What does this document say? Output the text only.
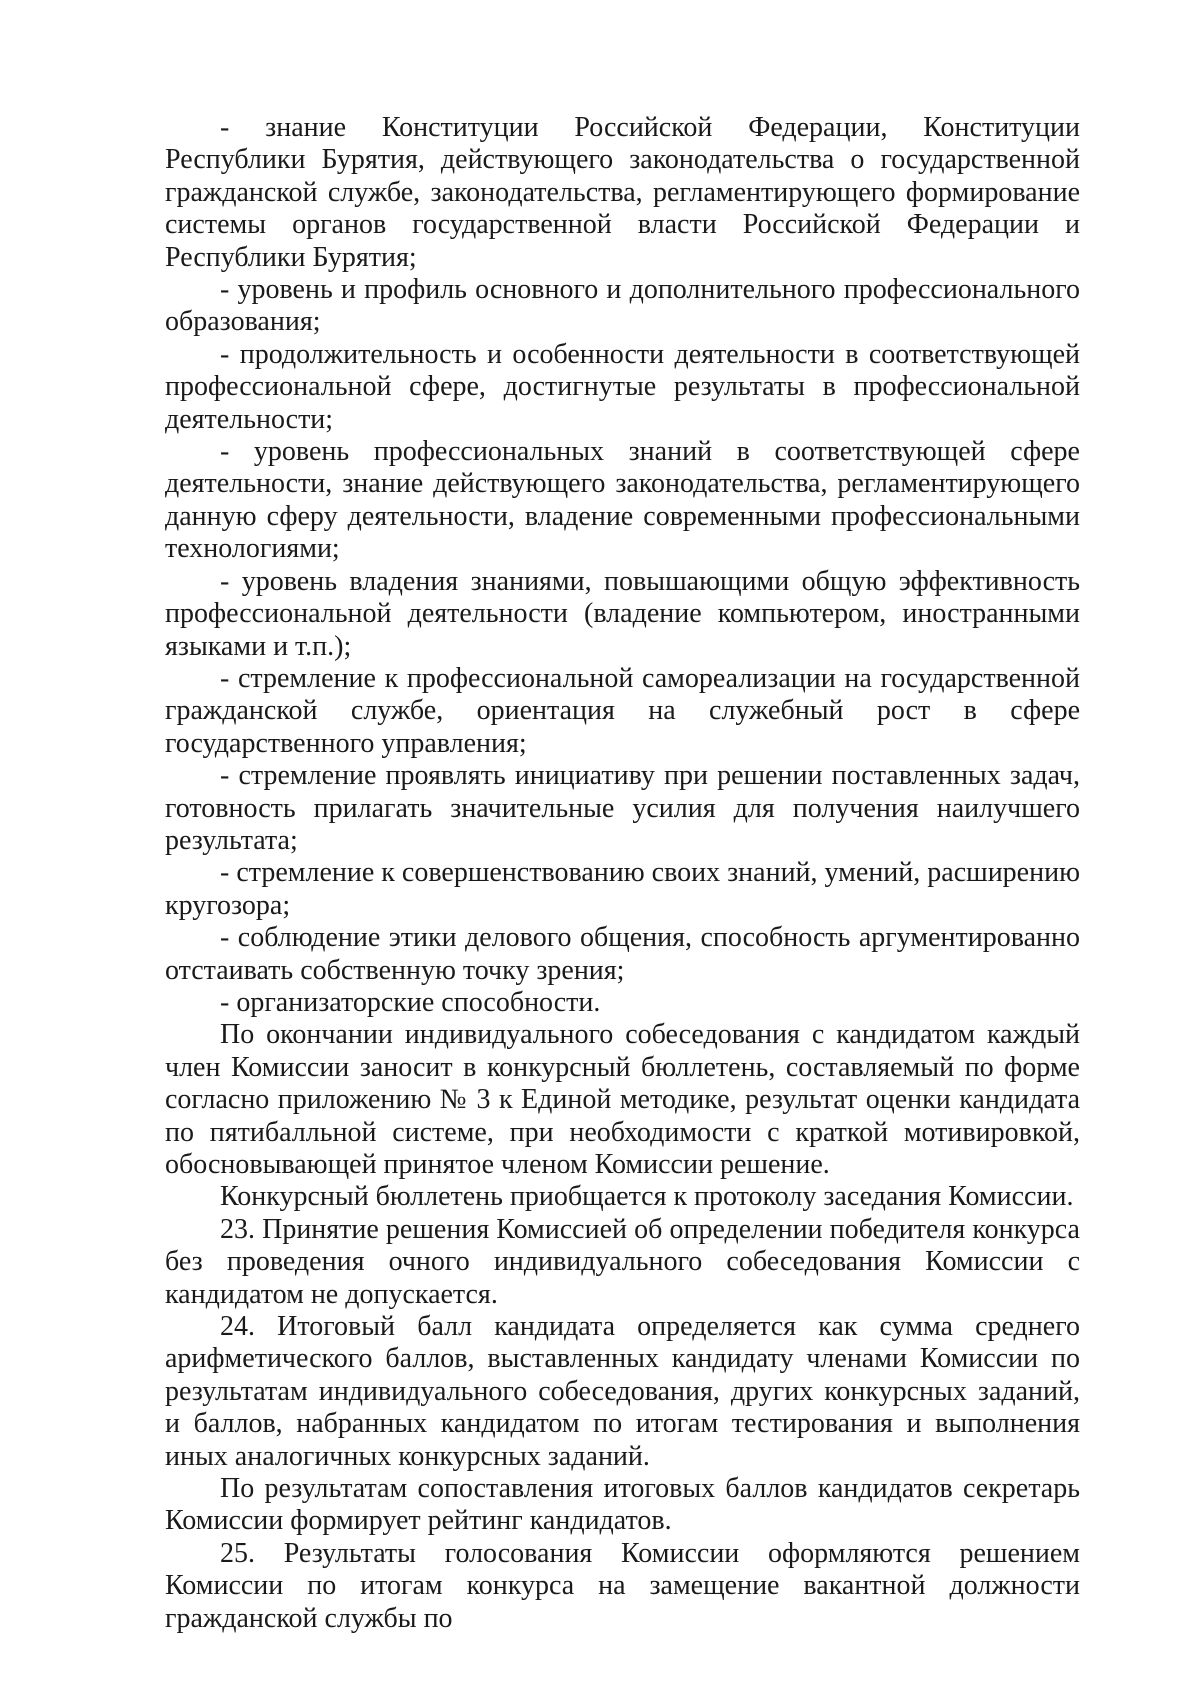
- знание Конституции Российской Федерации, Конституции Республики Бурятия, действующего законодательства о государственной гражданской службе, законодательства, регламентирующего формирование системы органов государственной власти Российской Федерации и Республики Бурятия;

- уровень и профиль основного и дополнительного профессионального образования;

- продолжительность и особенности деятельности в соответствующей профессиональной сфере, достигнутые результаты в профессиональной деятельности;

- уровень профессиональных знаний в соответствующей сфере деятельности, знание действующего законодательства, регламентирующего данную сферу деятельности, владение современными профессиональными технологиями;

- уровень владения знаниями, повышающими общую эффективность профессиональной деятельности (владение компьютером, иностранными языками и т.п.);

- стремление к профессиональной самореализации на государственной гражданской службе, ориентация на служебный рост в сфере государственного управления;

- стремление проявлять инициативу при решении поставленных задач, готовность прилагать значительные усилия для получения наилучшего результата;

- стремление к совершенствованию своих знаний, умений, расширению кругозора;

- соблюдение этики делового общения, способность аргументированно отстаивать собственную точку зрения;

- организаторские способности.

По окончании индивидуального собеседования с кандидатом каждый член Комиссии заносит в конкурсный бюллетень, составляемый по форме согласно приложению № 3 к Единой методике, результат оценки кандидата по пятибалльной системе, при необходимости с краткой мотивировкой, обосновывающей принятое членом Комиссии решение.

Конкурсный бюллетень приобщается к протоколу заседания Комиссии.

23. Принятие решения Комиссией об определении победителя конкурса без проведения очного индивидуального собеседования Комиссии с кандидатом не допускается.

24. Итоговый балл кандидата определяется как сумма среднего арифметического баллов, выставленных кандидату членами Комиссии по результатам индивидуального собеседования, других конкурсных заданий, и баллов, набранных кандидатом по итогам тестирования и выполнения иных аналогичных конкурсных заданий.

По результатам сопоставления итоговых баллов кандидатов секретарь Комиссии формирует рейтинг кандидатов.

25. Результаты голосования Комиссии оформляются решением Комиссии по итогам конкурса на замещение вакантной должности гражданской службы по
